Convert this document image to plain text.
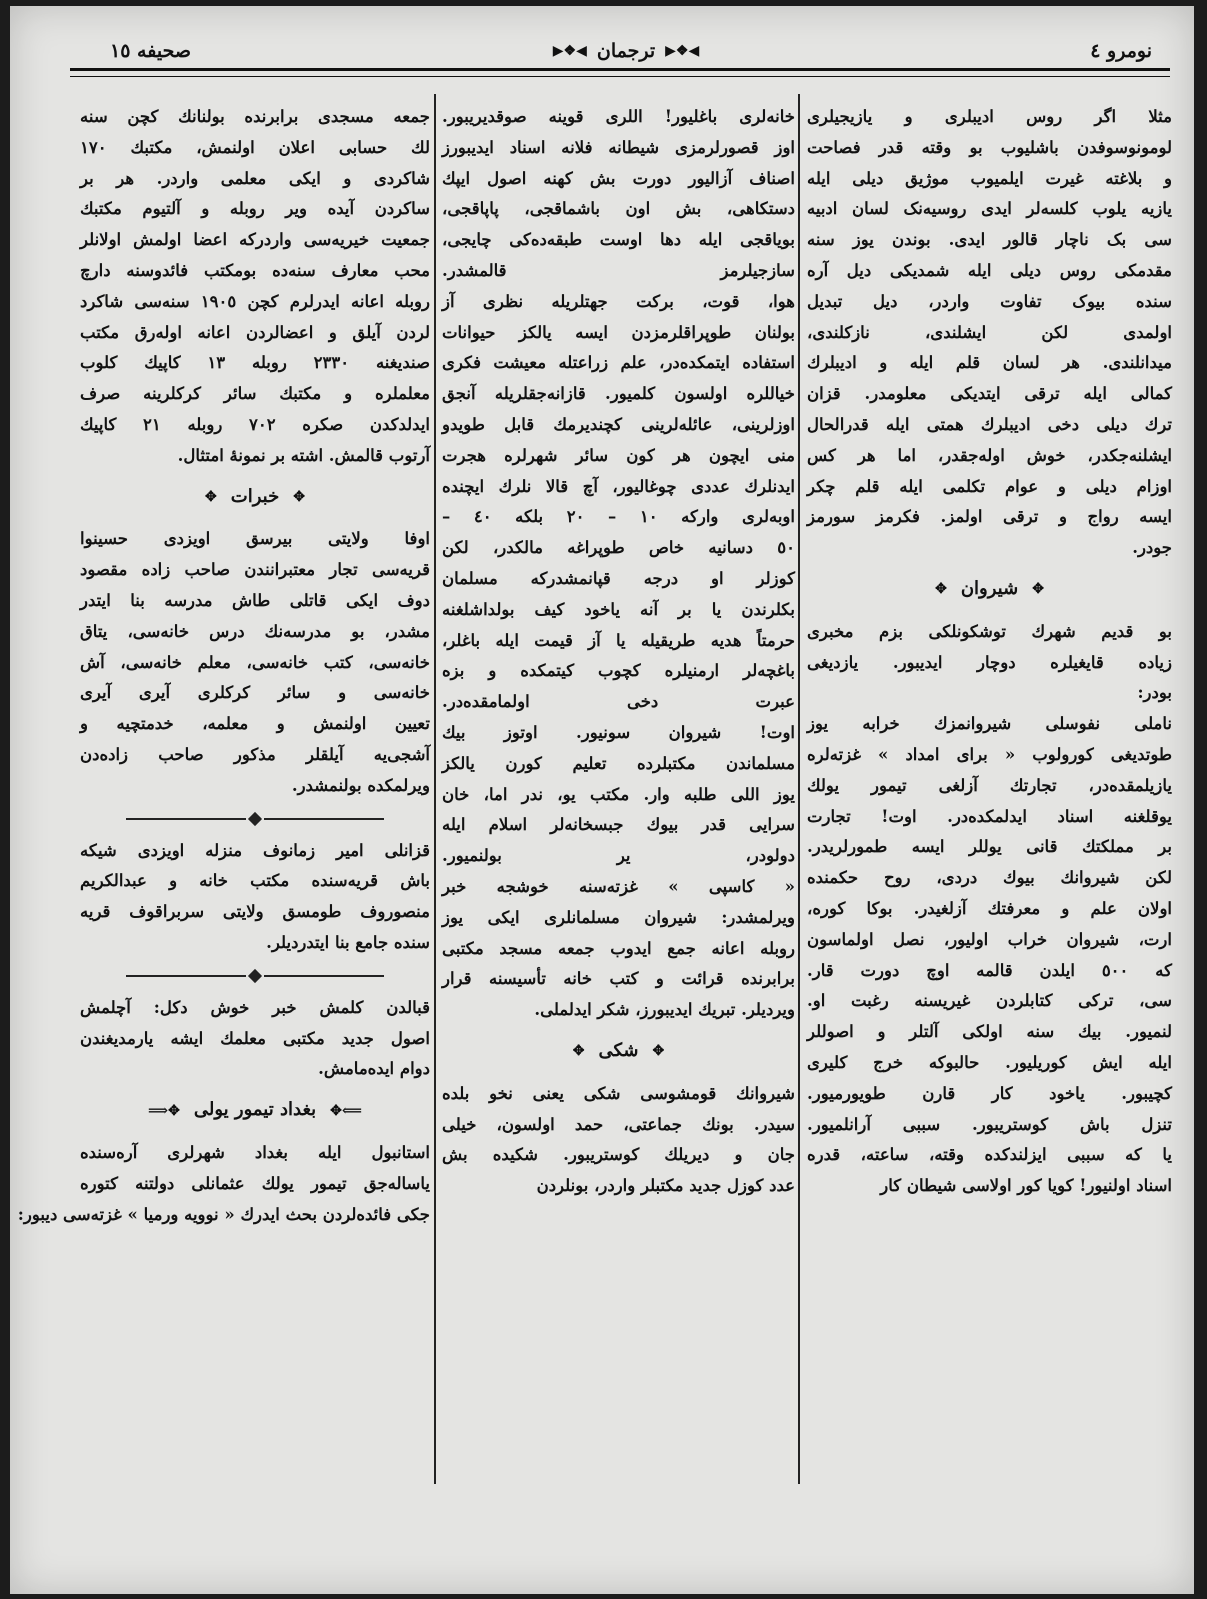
نومرو ٤
◀❖▶
ترجمان
◀❖▶
صحیفه ١٥
مثلا اگر روس ادیبلری و یازیجیلری
لومونوسوفدن باشلیوب بو وقته قدر فصاحت
و بلاغته غیرت ایلمیوب موژیق دیلی ایله
یازیه یلوب کلسه‌لر ایدی روسیه‌نک لسان ادبیه
سی بک ناچار قالور ایدی. بوندن یوز سنه
مقدمکی روس دیلی ایله شمدیکی دیل آره
سنده بیوک تفاوت واردر، دیل تبدیل
اولمدی لکن ایشلندی، نازکلندی،
میدانلندی. هر لسان قلم ایله و ادیبلرك
کمالی ایله ترقی ایتدیکی معلومدر. قزان
ترك دیلی دخی ادیبلرك همتی ایله قدرالحال
ایشلنه‌جکدر، خوش اوله‌جقدر، اما هر کس
اوزام دیلی و عوام تکلمی ایله قلم چکر
ایسه رواج و ترقی اولمز. فکرمز سورمز
جودر.
✥
شیروان
✥
بو قدیم شهرك توشکونلکی بزم مخبری
زیاده قایغیلره دوچار ایدیبور. یازدیغی
بودر:
ناملی نفوسلی شیروانمزك خرابه یوز
طوتدیغی کورولوب « برای امداد » غزته‌لره
یازیلمقده‌در، تجارتك آزلغی تیمور یولك
یوقلغنه اسناد ایدلمکده‌در. اوت! تجارت
بر مملکتك قانی یوللر ایسه طمورلریدر.
لکن شیروانك بیوك دردی، روح حکمنده
اولان علم و معرفتك آزلغیدر. بوکا کوره،
ارت، شیروان خراب اولیور، نصل اولماسون
که ٥٠٠ ایلدن قالمه اوچ دورت قار.
سی، ترکی کتابلردن غیریسنه رغبت او.
لنمیور. بیك سنه اولکی آلتلر و اصوللر
ایله ایش کوریلیور. حالبوکه خرج کلیری
کچیبور. یاخود کار قارن طویورمیور.
تنزل باش کوستریبور. سببی آرانلمیور.
یا که سببی ایزلندکده وقته، ساعته، قدره
اسناد اولنیور! کویا کور اولاسی شیطان کار
خانه‌لری باغلیور! اللری قوینه صوقدیریبور.
اوز قصورلرمزی شیطانه فلانه اسناد ایدیبورز
اصناف آزالیور دورت بش کهنه اصول ایپك
دستکاهی، بش اون باشماقجی، پاپاقجی،
بویاقجی ایله دها اوست طبقه‌ده‌کی چایجی،
سازجیلرمز قالمشدر.
هوا، قوت، برکت جهتلریله نظری آز
بولنان طوپراقلرمزدن ایسه یالکز حیوانات
استفاده ایتمکده‌در، علم زراعتله معیشت فکری
خیاللره اولسون کلمیور. قازانه‌جقلریله آنجق
اوزلرینی، عائله‌لرینی کچندیرمك قابل طویدو
منی ایچون هر کون سائر شهرلره هجرت
ایدنلرك عددی چوغالیور، آچ قالا نلرك ایچنده
اوبه‌لری وارکه ١٠ – ٢٠ بلکه ٤٠ –
٥٠ دسانیه خاص طوپراغه مالکدر، لکن
کوزلر او درجه قپانمشدرکه مسلمان
بکلرندن یا بر آنه یاخود کیف بولداشلغنه
حرمتاً هدیه طریقیله یا آز قیمت ایله باغلر،
باغچه‌لر ارمنیلره کچوب کیتمکده و بزه
عبرت دخی اولمامقده‌در.
اوت! شیروان سونیور. اوتوز بیك
مسلماندن مکتبلرده تعلیم کورن یالکز
یوز اللی طلبه وار. مکتب یو، ندر اما، خان
سرایی قدر بیوك جبسخانه‌لر اسلام ایله
دولودر، یر بولنمیور.
« کاسپی » غزته‌سنه خوشجه خبر
ویرلمشدر: شیروان مسلمانلری ایکی یوز
روبله اعانه جمع ایدوب جمعه مسجد مکتبی
برابرنده قرائت و کتب خانه تأسیسنه قرار
ویردیلر. تبریك ایدیبورز، شکر ایدلملی.
✥
شکی
✥
شیروانك قومشوسی شکی یعنی نخو بلده
سیدر. بونك جماعتی، حمد اولسون، خیلی
جان و دیریلك کوستریبور. شکیده بش
عدد کوزل جدید مکتبلر واردر، بونلردن
جمعه مسجدی برابرنده بولنانك کچن سنه
لك حسابی اعلان اولنمش، مکتبك ١٧٠
شاکردی و ایکی معلمی واردر. هر بر
ساکردن آیده ویر روبله و آلتیوم مکتبك
جمعیت خیریه‌سی واردرکه اعضا اولمش اولانلر
محب معارف سنه‌ده بومکتب فائدوسنه دارچ
روبله اعانه ایدرلرم کچن ١٩٠٥ سنه‌سی شاکرد
لردن آیلق و اعضالردن اعانه اوله‌رق مکتب
صندیغنه ٢٣٣٠ روبله ١٣ کاپیك کلوب
معلملره و مکتبك سائر کرکلرینه صرف
ایدلدکدن صکره ٧٠٢ روبله ٢١ کاپیك
آرتوب قالمش. اشته بر نمونهٔ امتثال.
✥
خبرات
✥
اوفا ولایتی بیرسق اویزدی حسینوا
قریه‌سی تجار معتبرانندن صاحب زاده مقصود
دوف ایکی قاتلی طاش مدرسه بنا ایتدر
مشدر، بو مدرسه‌نك درس خانه‌سی، یتاق
خانه‌سی، کتب خانه‌سی، معلم خانه‌سی، آش
خانه‌سی و سائر کرکلری آیری آیری
تعیین اولنمش و معلمه، خدمتچیه و
آشجی‌یه آیلقلر مذکور صاحب زاده‌دن
ویرلمکده بولنمشدر.
قزانلی امیر زمانوف منزله اویزدی شیکه
باش قریه‌سنده مکتب خانه و عبدالکریم
منصوروف طومسق ولایتی سربراقوف قریه
سنده جامع بنا ایتدردیلر.
قبالدن کلمش خبر خوش دکل: آچلمش
اصول جدید مکتبی معلمك ایشه یارمدیغندن
دوام ایده‌مامش.
⟸✥
بغداد تیمور یولی
✥⟹
استانبول ایله بغداد شهرلری آره‌سنده
یاساله‌جق تیمور یولك عثمانلی دولتنه کتوره
جکی فائده‌لردن بحث ایدرك « نوو‌یه ورمیا » غزته‌سی دیبور:
